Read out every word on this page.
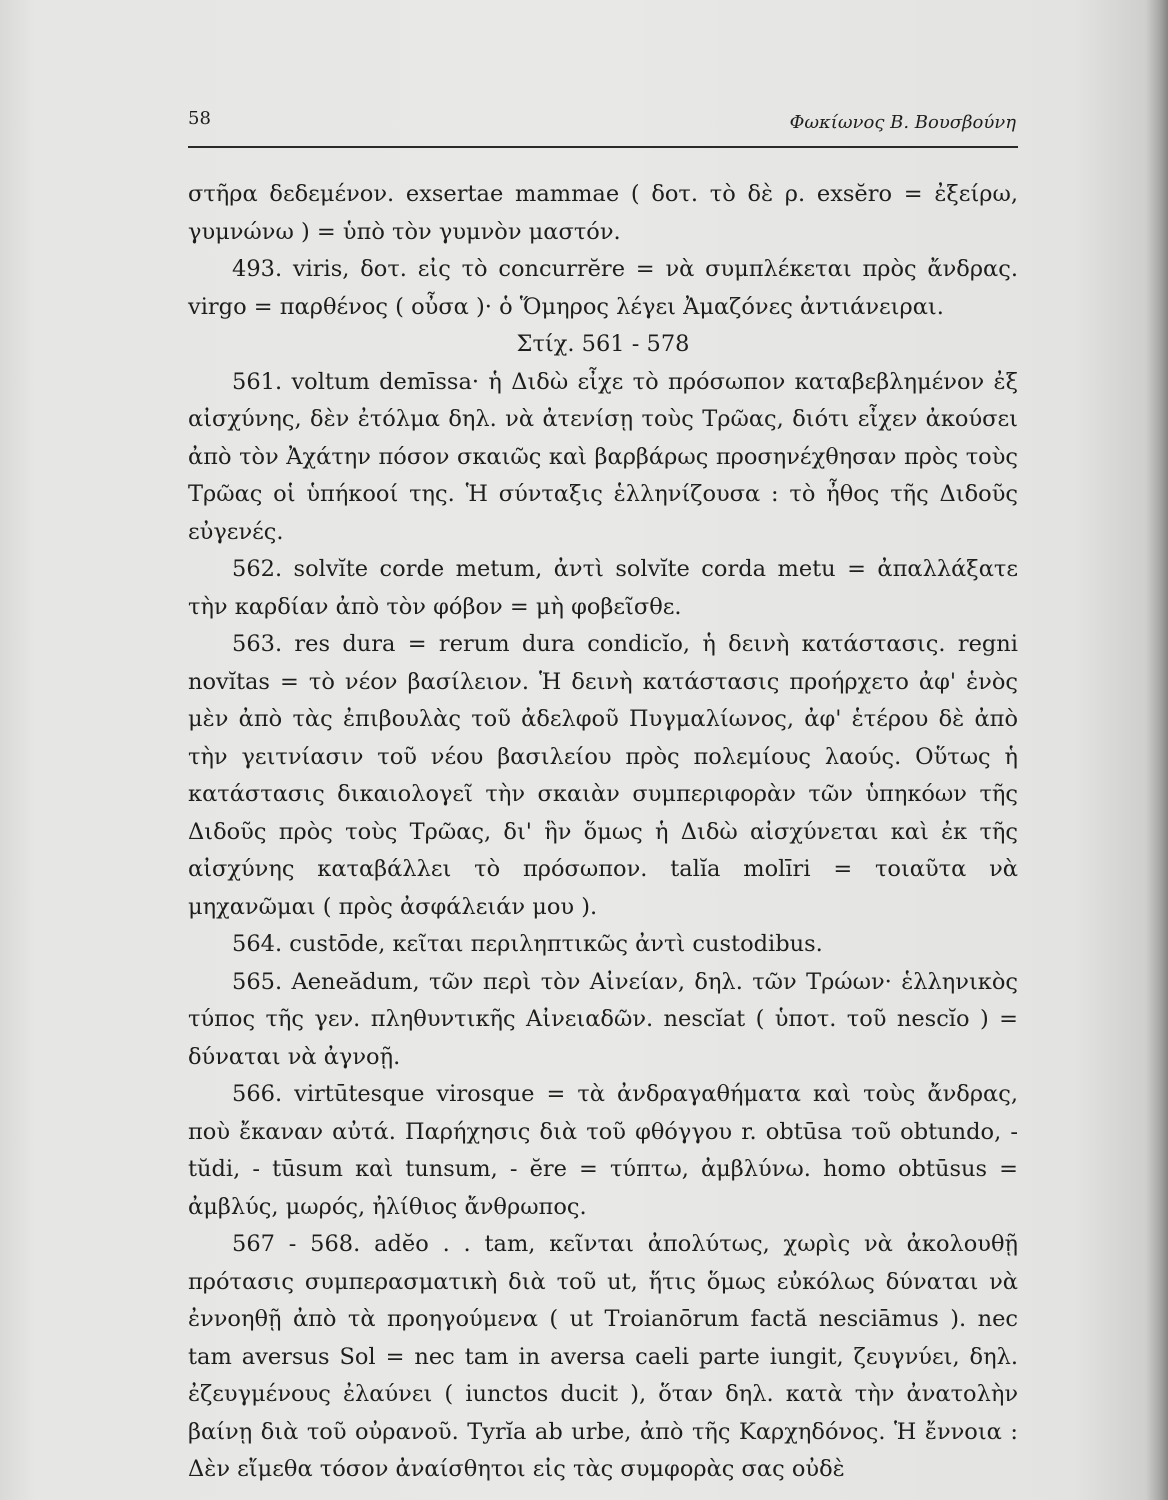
58	Φωκίωνος Β. Βουσβούνη

στῆρα δεδεμένον. exsertae mammae ( δοτ. τὸ δὲ ρ. exsĕro = ἐξείρω, γυμνώνω ) = ὑπὸ τὸν γυμνὸν μαστόν.

493. viris, δοτ. εἰς τὸ concurrĕre = νὰ συμπλέκεται πρὸς ἄνδρας. virgo = παρθένος ( οὖσα )· ὁ Ὅμηρος λέγει Ἀμαζόνες ἀντιάνειραι.

Στίχ. 561 - 578

561. voltum demīssa· ἡ Διδὼ εἶχε τὸ πρόσωπον καταβεβλημένον ἐξ αἰσχύνης, δὲν ἐτόλμα δηλ. νὰ ἀτενίσῃ τοὺς Τρῶας, διότι εἶχεν ἀκούσει ἀπὸ τὸν Ἀχάτην πόσον σκαιῶς καὶ βαρβάρως προσηνέχθησαν πρὸς τοὺς Τρῶας οἱ ὑπήκοοί της. Ἡ σύνταξις ἑλληνίζουσα : τὸ ἦθος τῆς Διδοῦς εὐγενές.

562. solvĭte corde metum, ἀντὶ solvĭte corda metu = ἀπαλλάξατε τὴν καρδίαν ἀπὸ τὸν φόβον = μὴ φοβεῖσθε.

563. res dura = rerum dura condicĭo, ἡ δεινὴ κατάστασις. regni novĭtas = τὸ νέον βασίλειον. Ἡ δεινὴ κατάστασις προήρχετο ἀφ' ἑνὸς μὲν ἀπὸ τὰς ἐπιβουλὰς τοῦ ἀδελφοῦ Πυγμαλίωνος, ἀφ' ἑτέρου δὲ ἀπὸ τὴν γειτνίασιν τοῦ νέου βασιλείου πρὸς πολεμίους λαούς. Οὕτως ἡ κατάστασις δικαιολογεῖ τὴν σκαιὰν συμπεριφορὰν τῶν ὑπηκόων τῆς Διδοῦς πρὸς τοὺς Τρῶας, δι' ἣν ὅμως ἡ Διδὼ αἰσχύνεται καὶ ἐκ τῆς αἰσχύνης καταβάλλει τὸ πρόσωπον. talĭa molīri = τοιαῦτα νὰ μηχανῶμαι ( πρὸς ἀσφάλειάν μου ).

564. custōde, κεῖται περιληπτικῶς ἀντὶ custodibus.

565. Aeneădum, τῶν περὶ τὸν Αἰνείαν, δηλ. τῶν Τρώων· ἑλληνικὸς τύπος τῆς γεν. πληθυντικῆς Αἰνειαδῶν. nescĭat ( ὑποτ. τοῦ nescĭo ) = δύναται νὰ ἀγνοῇ.

566. virtūtesque virosque = τὰ ἀνδραγαθήματα καὶ τοὺς ἄνδρας, ποὺ ἔκαναν αὐτά. Παρήχησις διὰ τοῦ φθόγγου r. obtūsa τοῦ obtundo, - tŭdi, - tūsum καὶ tunsum, - ĕre = τύπτω, ἀμβλύνω. homo obtūsus = ἀμβλύς, μωρός, ἠλίθιος ἄνθρωπος.

567 - 568. adĕo . . tam, κεῖνται ἀπολύτως, χωρὶς νὰ ἀκολουθῇ πρότασις συμπερασματικὴ διὰ τοῦ ut, ἥτις ὅμως εὐκόλως δύναται νὰ ἐννοηθῇ ἀπὸ τὰ προηγούμενα ( ut Troianōrum factă nesciāmus ). nec tam aversus Sol = nec tam in aversa caeli parte iungit, ζευγνύει, δηλ. ἐζευγμένους ἐλαύνει ( iunctos ducit ), ὅταν δηλ. κατὰ τὴν ἀνατολὴν βαίνῃ διὰ τοῦ οὐρανοῦ. Tyrĭa ab urbe, ἀπὸ τῆς Καρχηδόνος. Ἡ ἔννοια : Δὲν εἴμεθα τόσον ἀναίσθητοι εἰς τὰς συμφορὰς σας οὐδὲ
